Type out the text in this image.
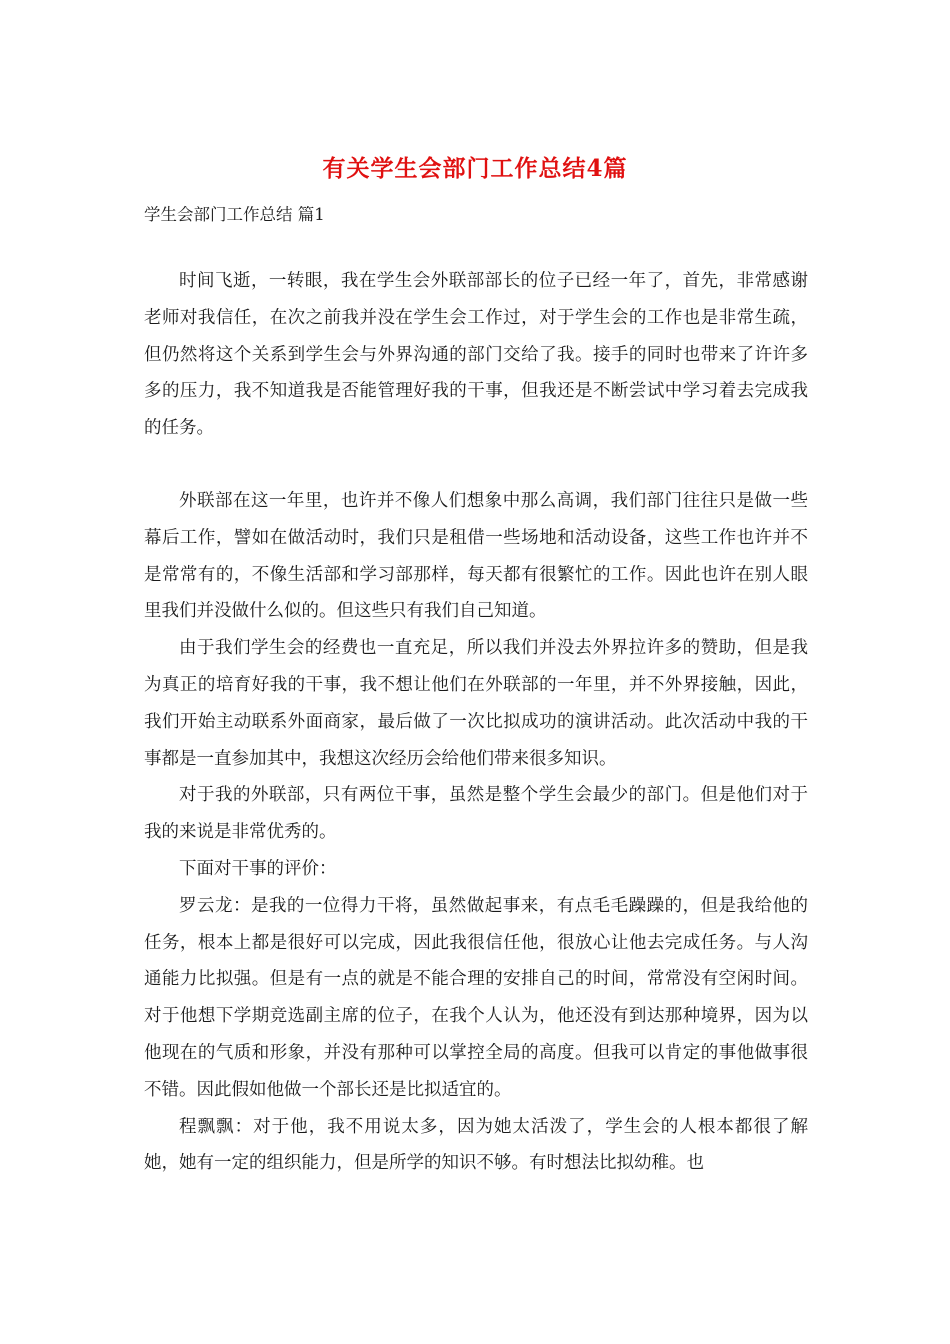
有关学生会部门工作总结4篇
学生会部门工作总结 篇1

时间飞逝，一转眼，我在学生会外联部部长的位子已经一年了，首先，非常感谢老师对我信任，在次之前我并没在学生会工作过，对于学生会的工作也是非常生疏，但仍然将这个关系到学生会与外界沟通的部门交给了我。接手的同时也带来了许许多多的压力，我不知道我是否能管理好我的干事，但我还是不断尝试中学习着去完成我的任务。

外联部在这一年里，也许并不像人们想象中那么高调，我们部门往往只是做一些幕后工作，譬如在做活动时，我们只是租借一些场地和活动设备，这些工作也许并不是常常有的，不像生活部和学习部那样，每天都有很繁忙的工作。因此也许在别人眼里我们并没做什么似的。但这些只有我们自己知道。

由于我们学生会的经费也一直充足，所以我们并没去外界拉许多的赞助，但是我为真正的培育好我的干事，我不想让他们在外联部的一年里，并不外界接触，因此，我们开始主动联系外面商家，最后做了一次比拟成功的演讲活动。此次活动中我的干事都是一直参加其中，我想这次经历会给他们带来很多知识。

对于我的外联部，只有两位干事，虽然是整个学生会最少的部门。但是他们对于我的来说是非常优秀的。

下面对干事的评价：

罗云龙：是我的一位得力干将，虽然做起事来，有点毛毛躁躁的，但是我给他的任务，根本上都是很好可以完成，因此我很信任他，很放心让他去完成任务。与人沟通能力比拟强。但是有一点的就是不能合理的安排自己的时间，常常没有空闲时间。对于他想下学期竞选副主席的位子，在我个人认为，他还没有到达那种境界，因为以他现在的气质和形象，并没有那种可以掌控全局的高度。但我可以肯定的事他做事很不错。因此假如他做一个部长还是比拟适宜的。

程飘飘：对于他，我不用说太多，因为她太活泼了，学生会的人根本都很了解她，她有一定的组织能力，但是所学的知识不够。有时想法比拟幼稚。也
